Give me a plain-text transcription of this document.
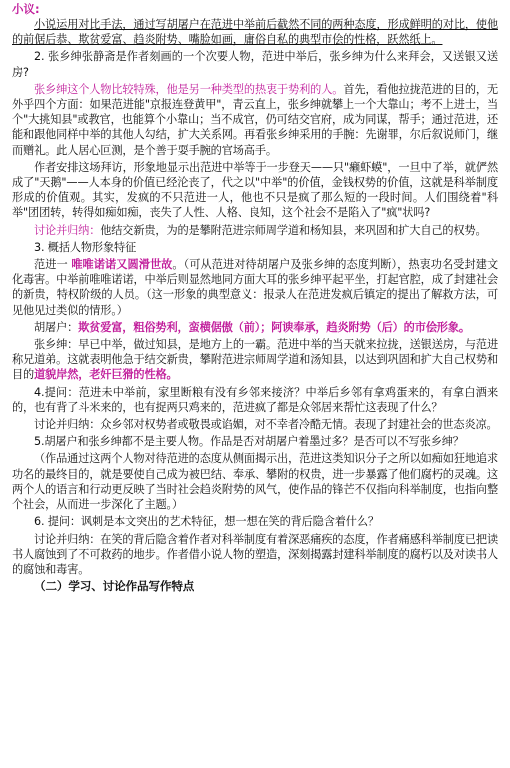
小议:

小说运用对比手法，通过写胡屠户在范进中举前后截然不同的两种态度，形成鲜明的对比，使他的前倨后恭、欺贫爱富、趋炎附势、嘴脸如画，庸俗自私的典型市侩的性格，跃然纸上。

2. 张乡绅张静斋是作者刻画的一个次要人物，范进中举后，张乡绅为什么来拜会，又送银又送房?

张乡绅这个人物比较特殊，他是另一种类型的热衷于势利的人。首先，看他拉拢范进的目的，无外乎四个方面：如果范进能"京报连登黄甲"，青云直上，张乡绅就攀上一个大靠山；考不上进士，当个"大挑知县"或教官，也能算个小靠山；当不成官，仍可结交官府，成为同谋，帮手；通过范进，还能和跟他同样中举的其他人勾结，扩大关系网。再看张乡绅采用的手腕：先谢罪，尔后叙说师门，继而赠礼。此人居心叵测，是个善于耍手腕的官场高手。

作者安排这场拜访，形象地显示出范进中举等于一步登天——只"癞虾蟆"，一旦中了举，就俨然成了"天鹅"——人本身的价值已经沦丧了，代之以"中举"的价值，金钱权势的价值，这就是科举制度形成的价值观。其实，发疯的不只范进一人，他也不只是疯了那么短的一段时间。人们围绕着"科举"团团转，转得如痴如痴，丧失了人性、人格、良知，这个社会不是陷入了"疯"状吗?

讨论并归纳：他结交新贵，为的是攀附范进宗师周学道和杨知县，来巩固和扩大自己的权势。

3. 概括人物形象特征

范进一 唯唯诺诺又圆滑世故。（可从范进对待胡屠户及张乡绅的态度判断），热衷功名受封建文化毒害。中举前唯唯诺诺，中举后则显然地同方面大耳的张乡绅平起平坐，打起官腔，成了封建社会的新贵，特权阶级的人员。（这一形象的典型意义：报录人在范进发疯后镇定的提出了解救方法，可见他见过类似的情形。）

胡屠户：欺贫爱富，粗俗势利，蛮横倨傲（前）；阿谀奉承，趋炎附势（后）的市侩形象。

张乡绅：早已中举，做过知县，是地方上的一霸。范进中举的当天就来拉拢，送银送房，与范进称兄道弟。这就表明他急于结交新贵，攀附范进宗师周学道和汤知县，以达到巩固和扩大自己权势和目的道貌岸然，老奸巨猾的性格。

4.提问：范进未中举前，家里断粮有没有乡邻来接济？中举后乡邻有拿鸡蛋来的，有拿白酒来的，也有背了斗米来的，也有捉两只鸡来的，范进疯了都是众邻居来帮忙这表现了什么？

讨论并归纳：众乡邻对权势者或敬畏或谄媚，对不幸者冷酷无情。表现了封建社会的世态炎凉。

5.胡屠户和张乡绅都不是主要人物。作品是否对胡屠户着墨过多？是否可以不写张乡绅？

（作品通过这两个人物对待范进的态度从侧面揭示出，范进这类知识分子之所以如痴如狂地追求功名的最终目的，就是要使自己成为被巴结、奉承、攀附的权贵，进一步暴露了他们腐朽的灵魂。这两个人的语言和行动更反映了当时社会趋炎附势的风气，使作品的锋芒不仅指向科举制度，也指向整个社会，从而进一步深化了主题。）

6. 提问：讽刺是本文突出的艺术特征，想一想在笑的背后隐含着什么？

讨论并归纳：在笑的背后隐含着作者对科举制度有着深恶痛疾的态度，作者痛感科举制度已把读书人腐蚀到了不可救药的地步。作者借小说人物的塑造，深刻揭露封建科举制度的腐朽以及对读书人的腐蚀和毒害。

（二）学习、讨论作品写作特点
